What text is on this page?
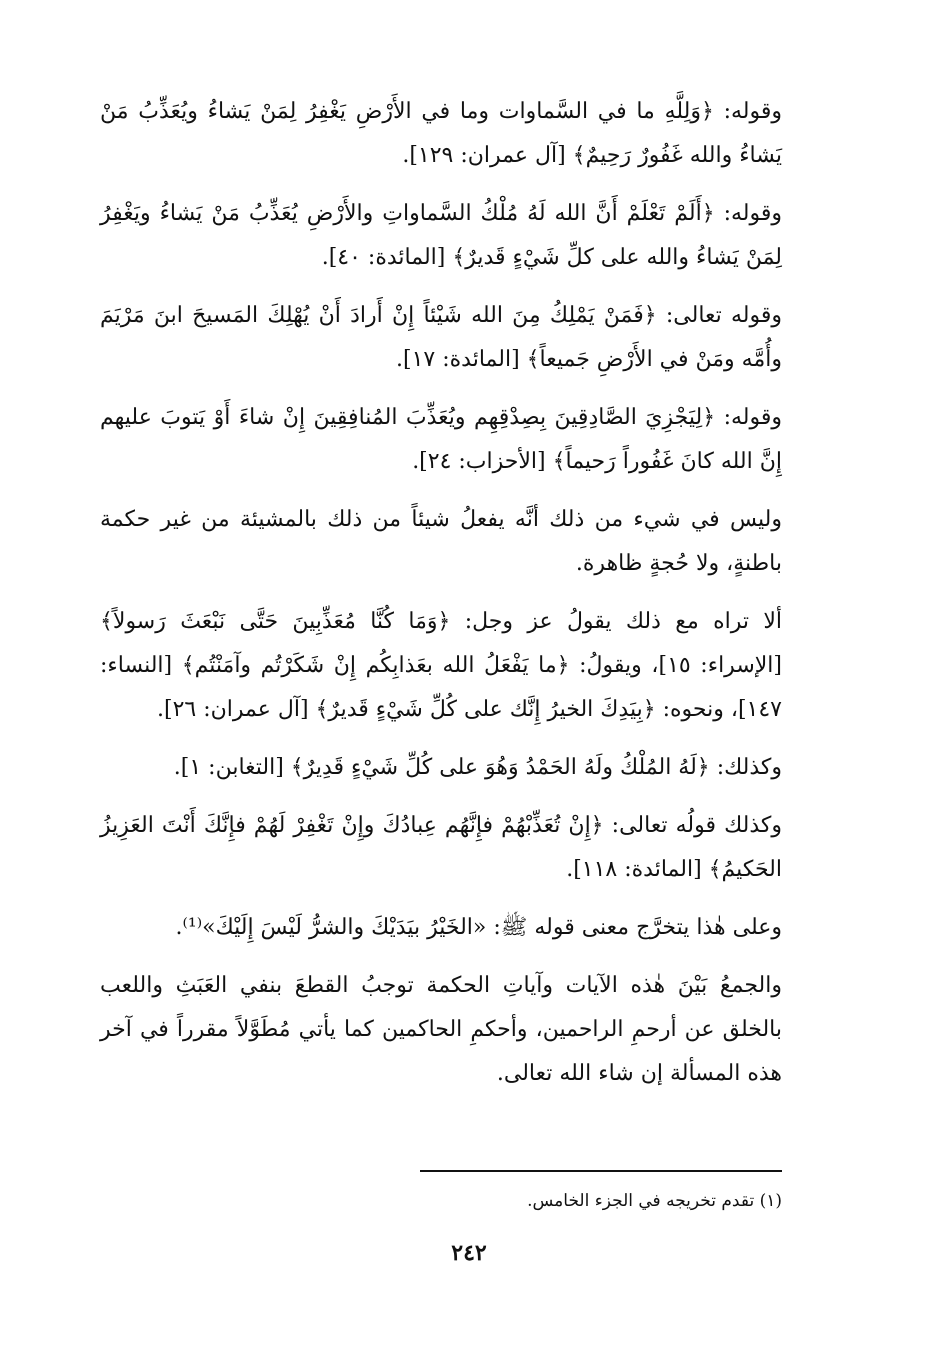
وقوله: ﴿وَلِلَّهِ ما في السَّماوات وما في الأَرْضِ يَغْفِرُ لِمَنْ يَشاءُ ويُعَذِّبُ مَنْ يَشاءُ والله غَفُورٌ رَحِيمٌ﴾ [آل عمران: ١٢٩].

وقوله: ﴿أَلَمْ تَعْلَمْ أَنَّ الله لَهُ مُلْكُ السَّماواتِ والأَرْضِ يُعَذِّبُ مَنْ يَشاءُ ويَغْفِرُ لِمَنْ يَشاءُ والله على كلِّ شَيْءٍ قَديرٌ﴾ [المائدة: ٤٠].

وقوله تعالى: ﴿فَمَنْ يَمْلِكُ مِنَ الله شَيْئاً إِنْ أَرادَ أَنْ يُهْلِكَ المَسيحَ ابنَ مَرْيَمَ وأُمَّه ومَنْ في الأَرْضِ جَميعاً﴾ [المائدة: ١٧].

وقوله: ﴿لِيَجْزِيَ الصَّادِقِينَ بِصِدْقِهِم ويُعَذِّبَ المُنافِقِينَ إِنْ شاءَ أَوْ يَتوبَ عليهم إِنَّ الله كانَ غَفُوراً رَحيماً﴾ [الأحزاب: ٢٤].

وليس في شيء من ذلك أنَّه يفعلُ شيئاً من ذلك بالمشيئة من غير حكمة باطنةٍ، ولا حُجةٍ ظاهرة.

ألا تراه مع ذلك يقولُ عز وجل: ﴿وَمَا كُنَّا مُعَذِّبِينَ حَتَّى نَبْعَثَ رَسولاً﴾ [الإسراء: ١٥]، ويقولُ: ﴿ما يَفْعَلُ الله بعَذابِكُم إِنْ شَكَرْتُم وآمَنْتُم﴾ [النساء: ١٤٧]، ونحوه: ﴿بِيَدِكَ الخيرُ إِنَّك على كُلِّ شَيْءٍ قَديرٌ﴾ [آل عمران: ٢٦].

وكذلك: ﴿لَهُ المُلْكُ ولَهُ الحَمْدُ وَهُوَ على كُلِّ شَيْءٍ قَدِيرٌ﴾ [التغابن: ١].

وكذلك قولُه تعالى: ﴿إِنْ تُعَذِّبْهُمْ فإِنَّهُم عِبادُكَ وإِنْ تَغْفِرْ لَهُمْ فإِنَّكَ أَنْتَ العَزِيزُ الحَكيمُ﴾ [المائدة: ١١٨].

وعلى هٰذا يتخرَّج معنى قوله ﷺ: «الخَيْرُ بيَدَيْكَ والشرُّ لَيْسَ إِلَيْكَ»⁽¹⁾.

والجمعُ بَيْنَ هٰذه الآيات وآياتِ الحكمة توجبُ القطعَ بنفي العَبَثِ واللعب بالخلق عن أرحمِ الراحمين، وأحكمِ الحاكمين كما يأتي مُطَوَّلاً مقرراً في آخر هذه المسألة إن شاء الله تعالى.

(١) تقدم تخريجه في الجزء الخامس.
٢٤٢
